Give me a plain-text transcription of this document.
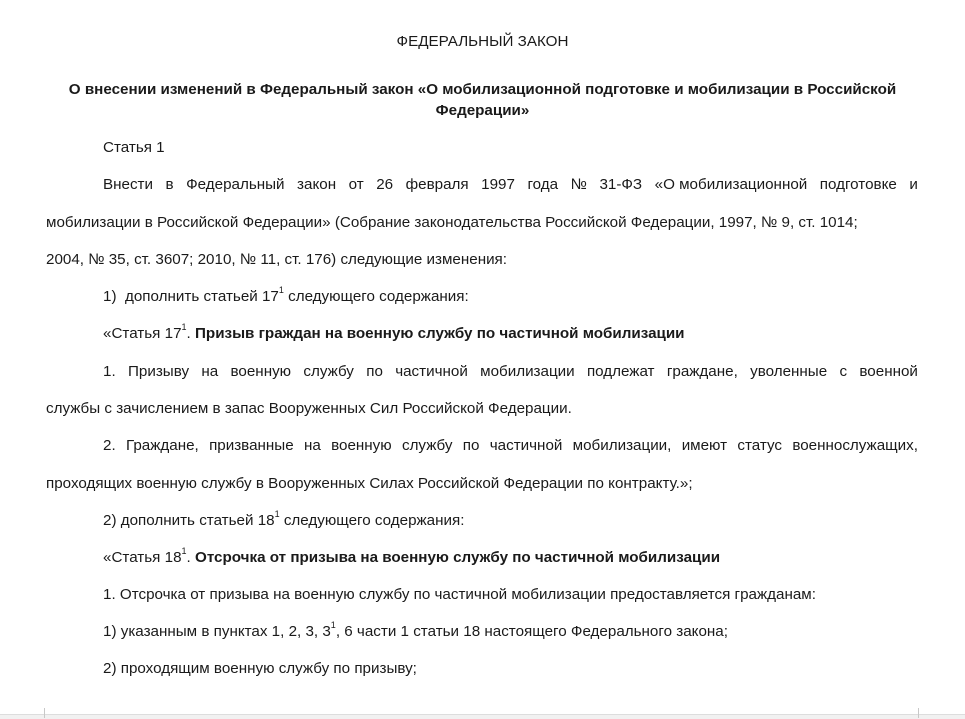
ФЕДЕРАЛЬНЫЙ ЗАКОН
О внесении изменений в Федеральный закон «О мобилизационной подготовке и мобилизации в Российской
Федерации»
Статья 1
Внести в Федеральный закон от 26 февраля 1997 года № 31-ФЗ «О мобилизационной подготовке и
мобилизации в Российской Федерации» (Собрание законодательства Российской Федерации, 1997, № 9, ст. 1014;
2004, № 35, ст. 3607; 2010, № 11, ст. 176) следующие изменения:
1) дополнить статьей $17^1$ следующего содержания:
«Статья $17^1$. Призыв граждан на военную службу по частичной мобилизации
1. Призыву на военную службу по частичной мобилизации подлежат граждане, уволенные с военной
службы с зачислением в запас Вооруженных Сил Российской Федерации.
2. Граждане, призванные на военную службу по частичной мобилизации, имеют статус военнослужащих,
проходящих военную службу в Вооруженных Силах Российской Федерации по контракту.»;
2) дополнить статьей $18^1$ следующего содержания:
«Статья $18^1$. Отсрочка от призыва на военную службу по частичной мобилизации
1. Отсрочка от призыва на военную службу по частичной мобилизации предоставляется гражданам:
1) указанным в пунктах 1, 2, 3, $3^1$, 6 части 1 статьи 18 настоящего Федерального закона;
2) проходящим военную службу по призыву;
